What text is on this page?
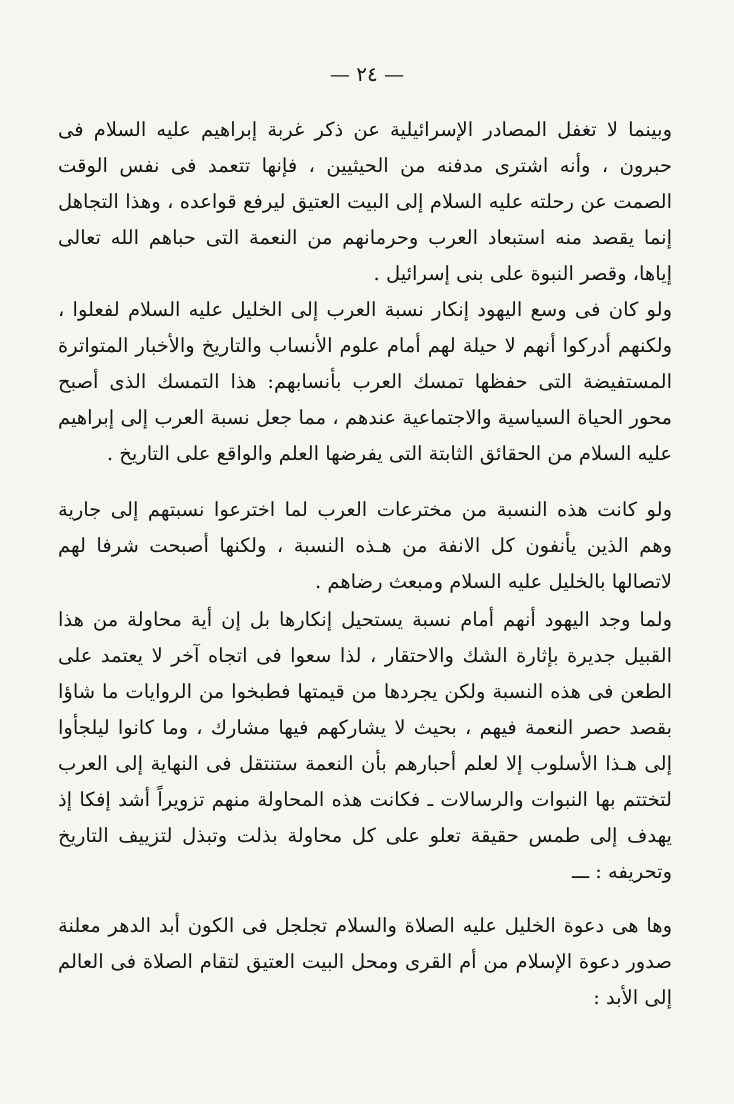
— ٢٤ —

وبينما لا تغفل المصادر الإسرائيلية عن ذكر غربة إبراهيم عليه السلام فى حبرون ، وأنه اشترى مدفنه من الحيثيين ، فإنها تتعمد فى نفس الوقت الصمت عن رحلته عليه السلام إلى البيت العتيق ليرفع قواعده ، وهذا التجاهل إنما يقصد منه استبعاد العرب وحرمانهم من النعمة التى حباهم الله تعالى إياها، وقصر النبوة على بنى إسرائيل .

ولو كان فى وسع اليهود إنكار نسبة العرب إلى الخليل عليه السلام لفعلوا ، ولكنهم أدركوا أنهم لا حيلة لهم أمام علوم الأنساب والتاريخ والأخبار المتواترة المستفيضة التى حفظها تمسك العرب بأنسابهم: هذا التمسك الذى أصبح محور الحياة السياسية والاجتماعية عندهم ، مما جعل نسبة العرب إلى إبراهيم عليه السلام من الحقائق الثابتة التى يفرضها العلم والواقع على التاريخ .

ولو كانت هذه النسبة من مخترعات العرب لما اخترعوا نسبتهم إلى جارية وهم الذين يأنفون كل الانفة من هـذه النسبة ، ولكنها أصبحت شرفا لهم لاتصالها بالخليل عليه السلام ومبعث رضاهم .

ولما وجد اليهود أنهم أمام نسبة يستحيل إنكارها بل إن أية محاولة من هذا القبيل جديرة بإثارة الشك والاحتقار ، لذا سعوا فى اتجاه آخر لا يعتمد على الطعن فى هذه النسبة ولكن يجردها من قيمتها فطبخوا من الروايات ما شاؤا بقصد حصر النعمة فيهم ، بحيث لا يشاركهم فيها مشارك ، وما كانوا ليلجأوا إلى هـذا الأسلوب إلا لعلم أحبارهم بأن النعمة ستنتقل فى النهاية إلى العرب لتختتم بها النبوات والرسالات ـ فكانت هذه المحاولة منهم تزويراً أشد إفكا إذ يهدف إلى طمس حقيقة تعلو على كل محاولة بذلت وتبذل لتزييف التاريخ وتحريفه : ـــ

وها هى دعوة الخليل عليه الصلاة والسلام تجلجل فى الكون أبد الدهر معلنة صدور دعوة الإسلام من أم القرى ومحل البيت العتيق لتقام الصلاة فى العالم إلى الأبد :
